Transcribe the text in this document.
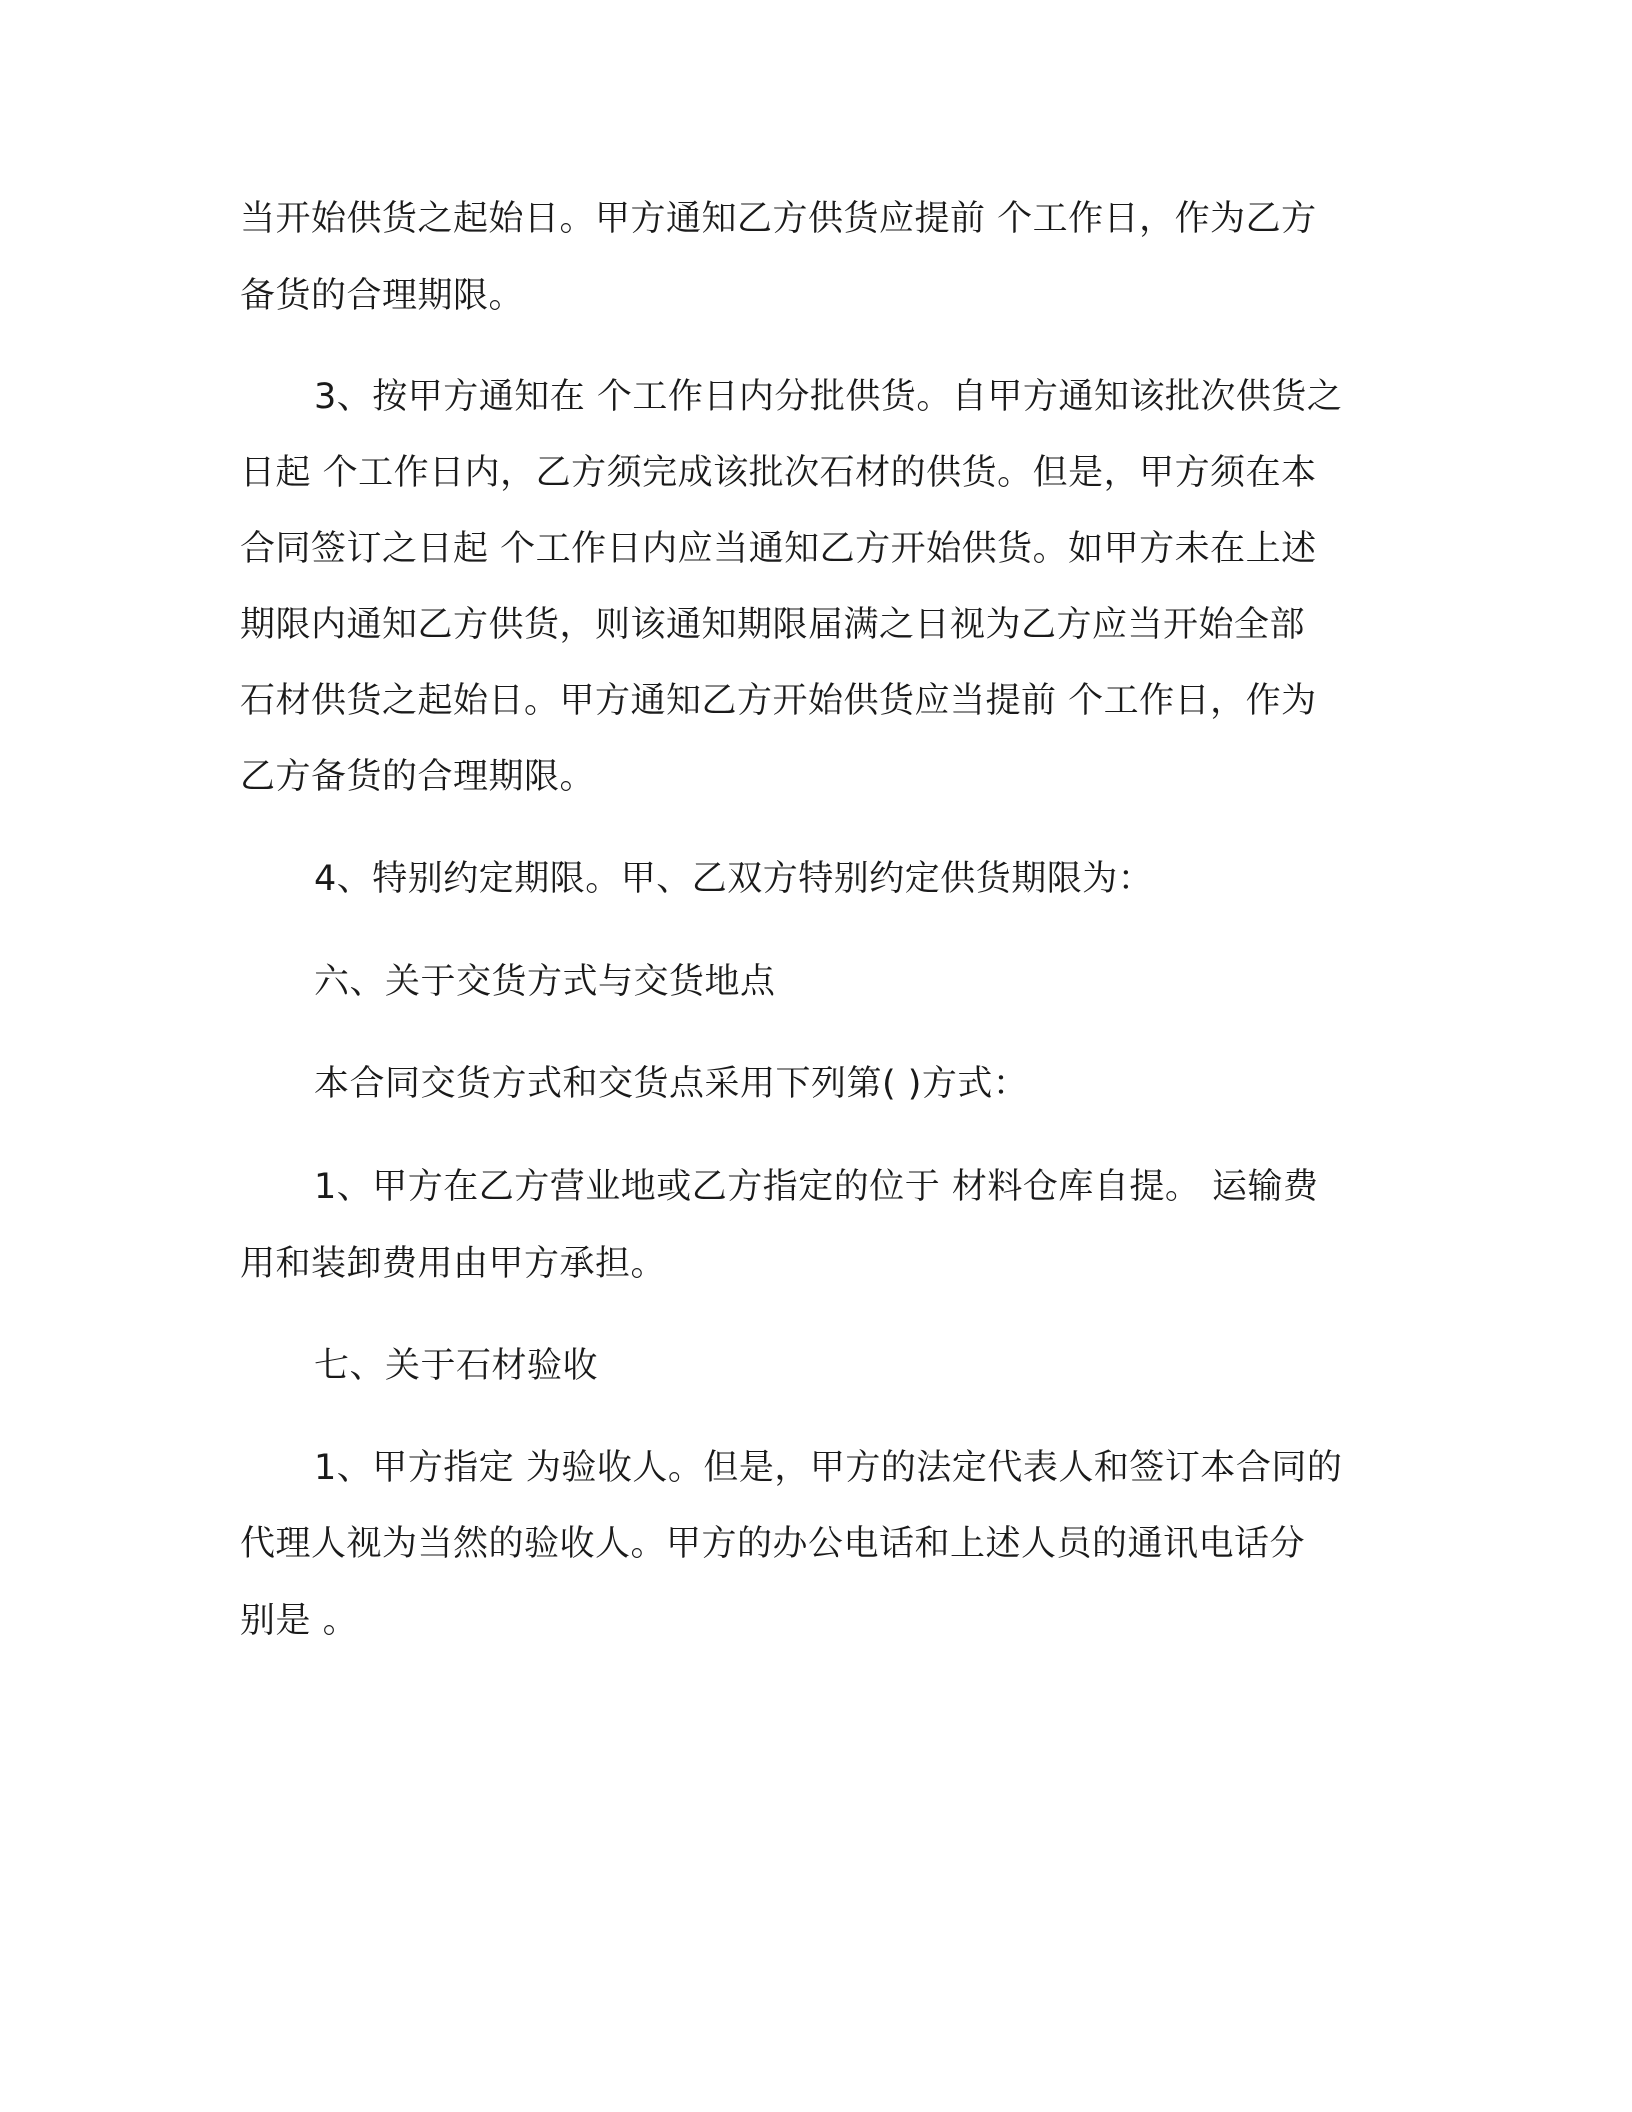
当开始供货之起始日。甲方通知乙方供货应提前 个工作日，作为乙方

备货的合理期限。

3、按甲方通知在 个工作日内分批供货。自甲方通知该批次供货之

日起 个工作日内，乙方须完成该批次石材的供货。但是，甲方须在本

合同签订之日起 个工作日内应当通知乙方开始供货。如甲方未在上述

期限内通知乙方供货，则该通知期限届满之日视为乙方应当开始全部

石材供货之起始日。甲方通知乙方开始供货应当提前 个工作日，作为

乙方备货的合理期限。

4、特别约定期限。甲、乙双方特别约定供货期限为：

六、关于交货方式与交货地点

本合同交货方式和交货点采用下列第( )方式：

1、甲方在乙方营业地或乙方指定的位于 材料仓库自提。 运输费

用和装卸费用由甲方承担。

七、关于石材验收

1、甲方指定 为验收人。但是，甲方的法定代表人和签订本合同的

代理人视为当然的验收人。甲方的办公电话和上述人员的通讯电话分

别是 。
